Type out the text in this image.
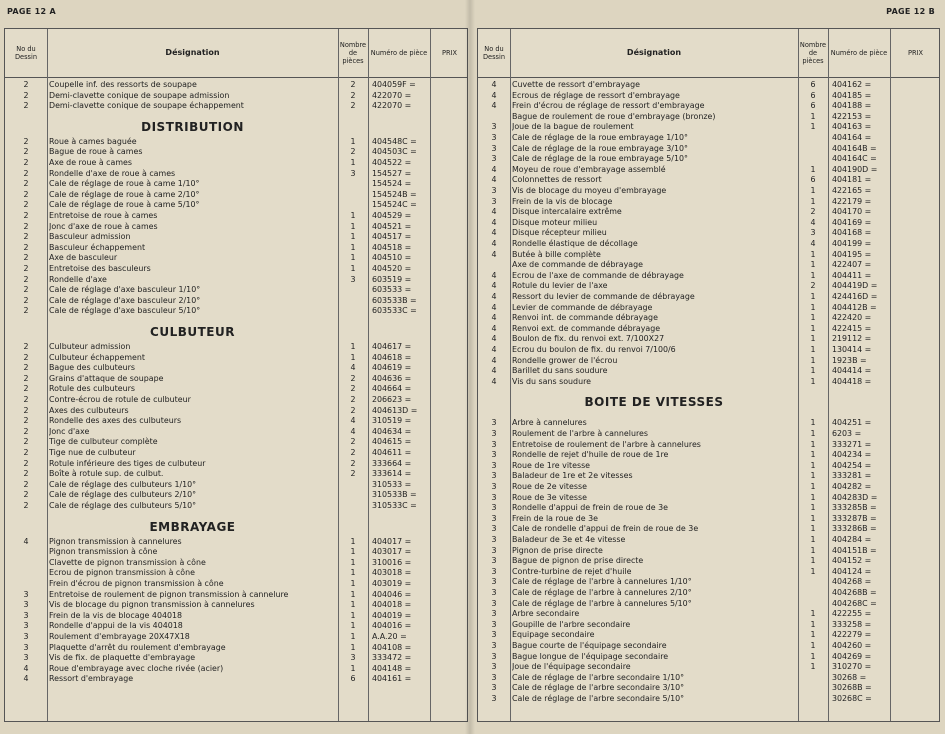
PAGE 12 A	PAGE 12 B
No du Dessin	Désignation
Nombre de pièces
Numéro de pièce	PRIX
2	Coupelle inf. des ressorts de soupape	2	404059F =
2	Demi-clavette conique de soupape admission	2	422070 =
2	Demi-clavette conique de soupape échappement	2	422070 =
DISTRIBUTION
2	Roue à cames baguée	1	404548C =
2	Bague de roue à cames	2	404503C =
2	Axe de roue à cames	1	404522 =
2	Rondelle d'axe de roue à cames	3	154527 =
2	Cale de réglage de roue à came 1/10°	154524 =
2	Cale de réglage de roue à came 2/10°	154524B =
2	Cale de réglage de roue à came 5/10°	154524C =
2	Entretoise de roue à cames	1	404529 =
2	Jonc d'axe de roue à cames	1	404521 =
2	Basculeur admission	1	404517 =
2	Basculeur échappement	1	404518 =
2	Axe de basculeur	1	404510 =
2	Entretoise des basculeurs	1	404520 =
2	Rondelle d'axe	3	603519 =
2	Cale de réglage d'axe basculeur 1/10°	603533 =
2	Cale de réglage d'axe basculeur 2/10°	603533B =
2	Cale de réglage d'axe basculeur 5/10°	603533C =
CULBUTEUR
2	Culbuteur admission	1	404617 =
2	Culbuteur échappement	1	404618 =
2	Bague des culbuteurs	4	404619 =
2	Grains d'attaque de soupape	2	404636 =
2	Rotule des culbuteurs	2	404664 =
2	Contre-écrou de rotule de culbuteur	2	206623 =
2	Axes des culbuteurs	2	404613D =
2	Rondelle des axes des culbuteurs	4	310519 =
2	Jonc d'axe	4	404634 =
2	Tige de culbuteur complète	2	404615 =
2	Tige nue de culbuteur	2	404611 =
2	Rotule inférieure des tiges de culbuteur	2	333664 =
2	Boîte à rotule sup. de culbut.	2	333614 =
2	Cale de réglage des culbuteurs 1/10°	310533 =
2	Cale de réglage des culbuteurs 2/10°	310533B =
2	Cale de réglage des culbuteurs 5/10°	310533C =
EMBRAYAGE
4	Pignon transmission à cannelures	1	404017 =
Pignon transmission à cône	1	403017 =
Clavette de pignon transmission à cône	1	310016 =
Ecrou de pignon transmission à cône	1	403018 =
Frein d'écrou de pignon transmission à cône	1	403019 =
3	Entretoise de roulement de pignon transmission à cannelure	1	404046 =
3	Vis de blocage du pignon transmission à cannelures	1	404018 =
3	Frein de la vis de blocage 404018	1	404019 =
3	Rondelle d'appui de la vis 404018	1	404016 =
3	Roulement d'embrayage 20X47X18	1	A.A.20 =
3	Plaquette d'arrêt du roulement d'embrayage	1	404108 =
3	Vis de fix. de plaquette d'embrayage	3	333472 =
4	Roue d'embrayage avec cloche rivée (acier)	1	404148 =
4	Ressort d'embrayage	6	404161 =
No du Dessin	Désignation
Nombre de pièces
Numéro de pièce	PRIX
4	Cuvette de ressort d'embrayage	6	404162 =
4	Ecrous de réglage de ressort d'embrayage	6	404185 =
4	Frein d'écrou de réglage de ressort d'embrayage	6	404188 =
Bague de roulement de roue d'embrayage (bronze)	1	422153 =
3	Joue de la bague de roulement	1	404163 =
3	Cale de réglage de la roue embrayage 1/10°	404164 =
3	Cale de réglage de la roue embrayage 3/10°	404164B =
3	Cale de réglage de la roue embrayage 5/10°	404164C =
4	Moyeu de roue d'embrayage assemblé	1	404190D =
4	Colonnettes de ressort	6	404181 =
3	Vis de blocage du moyeu d'embrayage	1	422165 =
3	Frein de la vis de blocage	1	422179 =
4	Disque intercalaire extrême	2	404170 =
4	Disque moteur milieu	4	404169 =
4	Disque récepteur milieu	3	404168 =
4	Rondelle élastique de décollage	4	404199 =
4	Butée à bille complète	1	404195 =
Axe de commande de débrayage	1	422407 =
4	Ecrou de l'axe de commande de débrayage	1	404411 =
4	Rotule du levier de l'axe	2	404419D =
4	Ressort du levier de commande de débrayage	1	424416D =
4	Levier de commande de débrayage	1	404412B =
4	Renvoi int. de commande débrayage	1	422420 =
4	Renvoi ext. de commande débrayage	1	422415 =
4	Boulon de fix. du renvoi ext. 7/100X27	1	219112 =
4	Ecrou du boulon de fix. du renvoi 7/100/6	1	130414 =
4	Rondelle grower de l'écrou	1	1923B =
4	Barillet du sans soudure	1	404414 =
4	Vis du sans soudure	1	404418 =
BOITE DE VITESSES
3	Arbre à cannelures	1	404251 =
3	Roulement de l'arbre à cannelures	1	6203 =
3	Entretoise de roulement de l'arbre à cannelures	1	333271 =
3	Rondelle de rejet d'huile de roue de 1re	1	404234 =
3	Roue de 1re vitesse	1	404254 =
3	Baladeur de 1re et 2e vitesses	1	333281 =
3	Roue de 2e vitesse	1	404282 =
3	Roue de 3e vitesse	1	404283D =
3	Rondelle d'appui de frein de roue de 3e	1	333285B =
3	Frein de la roue de 3e	1	333287B =
3	Cale de rondelle d'appui de frein de roue de 3e	1	333286B =
3	Baladeur de 3e et 4e vitesse	1	404284 =
3	Pignon de prise directe	1	404151B =
3	Bague de pignon de prise directe	1	404152 =
3	Contre-turbine de rejet d'huile	1	404124 =
3	Cale de réglage de l'arbre à cannelures 1/10°	404268 =
3	Cale de réglage de l'arbre à cannelures 2/10°	404268B =
3	Cale de réglage de l'arbre à cannelures 5/10°	404268C =
3	Arbre secondaire	1	422255 =
3	Goupille de l'arbre secondaire	1	333258 =
3	Equipage secondaire	1	422279 =
3	Bague courte de l'équipage secondaire	1	404260 =
3	Bague longue de l'équipage secondaire	1	404269 =
3	Joue de l'équipage secondaire	1	310270 =
3	Cale de réglage de l'arbre secondaire 1/10°	30268 =
3	Cale de réglage de l'arbre secondaire 3/10°	30268B =
3	Cale de réglage de l'arbre secondaire 5/10°	30268C =
